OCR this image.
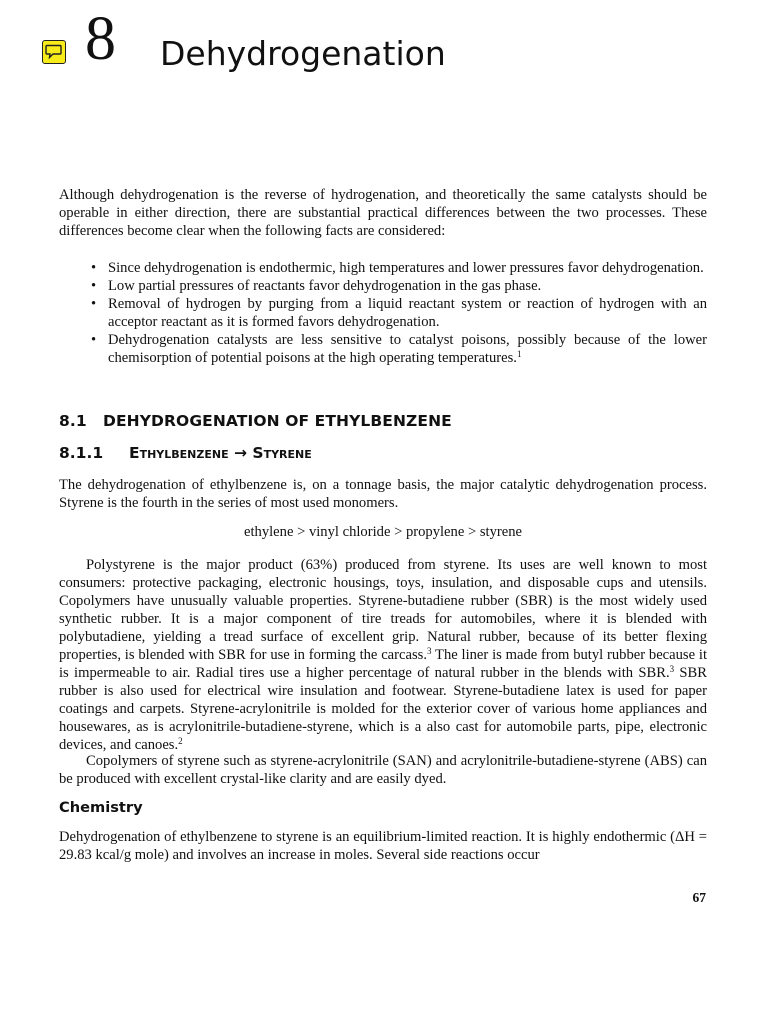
8 Dehydrogenation

Although dehydrogenation is the reverse of hydrogenation, and theoretically the same catalysts should be operable in either direction, there are substantial practical differences between the two processes. These differences become clear when the following facts are considered:

• Since dehydrogenation is endothermic, high temperatures and lower pressures favor dehydrogenation.
• Low partial pressures of reactants favor dehydrogenation in the gas phase.
• Removal of hydrogen by purging from a liquid reactant system or reaction of hydrogen with an acceptor reactant as it is formed favors dehydrogenation.
• Dehydrogenation catalysts are less sensitive to catalyst poisons, possibly because of the lower chemisorption of potential poisons at the high operating temperatures.$^1$
8.1 DEHYDROGENATION OF ETHYLBENZENE
8.1.1 Ethylbenzene → Styrene

The dehydrogenation of ethylbenzene is, on a tonnage basis, the major catalytic dehydrogenation process. Styrene is the fourth in the series of most used monomers.

ethylene > vinyl chloride > propylene > styrene

Polystyrene is the major product (63%) produced from styrene. Its uses are well known to most consumers: protective packaging, electronic housings, toys, insulation, and disposable cups and utensils. Copolymers have unusually valuable properties. Styrene-butadiene rubber (SBR) is the most widely used synthetic rubber. It is a major component of tire treads for automobiles, where it is blended with polybutadiene, yielding a tread surface of excellent grip. Natural rubber, because of its better flexing properties, is blended with SBR for use in forming the carcass.$^3$ The liner is made from butyl rubber because it is impermeable to air. Radial tires use a higher percentage of natural rubber in the blends with SBR.$^3$ SBR rubber is also used for electrical wire insulation and footwear. Styrene-butadiene latex is used for paper coatings and carpets. Styrene-acrylonitrile is molded for the exterior cover of various home appliances and housewares, as is acrylonitrile-butadiene-styrene, which is a also cast for automobile parts, pipe, electronic devices, and canoes.$^2$

Copolymers of styrene such as styrene-acrylonitrile (SAN) and acrylonitrile-butadiene-styrene (ABS) can be produced with excellent crystal-like clarity and are easily dyed.

Chemistry

Dehydrogenation of ethylbenzene to styrene is an equilibrium-limited reaction. It is highly endothermic (ΔH = 29.83 kcal/g mole) and involves an increase in moles. Several side reactions occur

67
